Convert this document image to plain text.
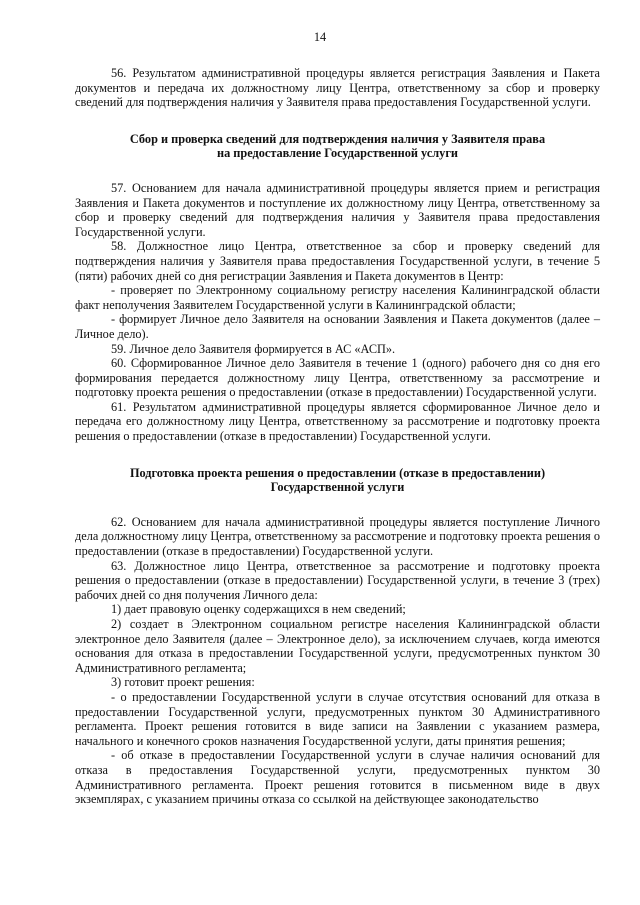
14

56. Результатом административной процедуры является регистрация Заявления и Пакета документов и передача их должностному лицу Центра, ответственному за сбор и проверку сведений для подтверждения наличия у Заявителя права предоставления Государственной услуги.

Сбор и проверка сведений для подтверждения наличия у Заявителя права
на предоставление Государственной услуги

57. Основанием для начала административной процедуры является прием и регистрация Заявления и Пакета документов и поступление их должностному лицу Центра, ответственному за сбор и проверку сведений для подтверждения наличия у Заявителя права предоставления Государственной услуги.

58. Должностное лицо Центра, ответственное за сбор и проверку сведений для подтверждения наличия у Заявителя права предоставления Государственной услуги, в течение 5 (пяти) рабочих дней со дня регистрации Заявления и Пакета документов в Центр:

- проверяет по Электронному социальному регистру населения Калининградской области факт неполучения Заявителем Государственной услуги в Калининградской области;

- формирует Личное дело Заявителя на основании Заявления и Пакета документов (далее – Личное дело).

59. Личное дело Заявителя формируется в АС «АСП».

60. Сформированное Личное дело Заявителя в течение 1 (одного) рабочего дня со дня его формирования передается должностному лицу Центра, ответственному за рассмотрение и подготовку проекта решения о предоставлении (отказе в предоставлении) Государственной услуги.

61. Результатом административной процедуры является сформированное Личное дело и передача его должностному лицу Центра, ответственному за рассмотрение и подготовку проекта решения о предоставлении (отказе в предоставлении) Государственной услуги.

Подготовка проекта решения о предоставлении (отказе в предоставлении)
Государственной услуги

62. Основанием для начала административной процедуры является поступление Личного дела должностному лицу Центра, ответственному за рассмотрение и подготовку проекта решения о предоставлении (отказе в предоставлении) Государственной услуги.

63. Должностное лицо Центра, ответственное за рассмотрение и подготовку проекта решения о предоставлении (отказе в предоставлении) Государственной услуги, в течение 3 (трех) рабочих дней со дня получения Личного дела:

1) дает правовую оценку содержащихся в нем сведений;

2) создает в Электронном социальном регистре населения Калининградской области электронное дело Заявителя (далее – Электронное дело), за исключением случаев, когда имеются основания для отказа в предоставлении Государственной услуги, предусмотренных пунктом 30 Административного регламента;

3) готовит проект решения:

- о предоставлении Государственной услуги в случае отсутствия оснований для отказа в предоставлении Государственной услуги, предусмотренных пунктом 30 Административного регламента. Проект решения готовится в виде записи на Заявлении с указанием размера, начального и конечного сроков назначения Государственной услуги, даты принятия решения;

- об отказе в предоставлении Государственной услуги в случае наличия оснований для отказа в предоставления Государственной услуги, предусмотренных пунктом 30 Административного регламента. Проект решения готовится в письменном виде в двух экземплярах, с указанием причины отказа со ссылкой на действующее законодательство
